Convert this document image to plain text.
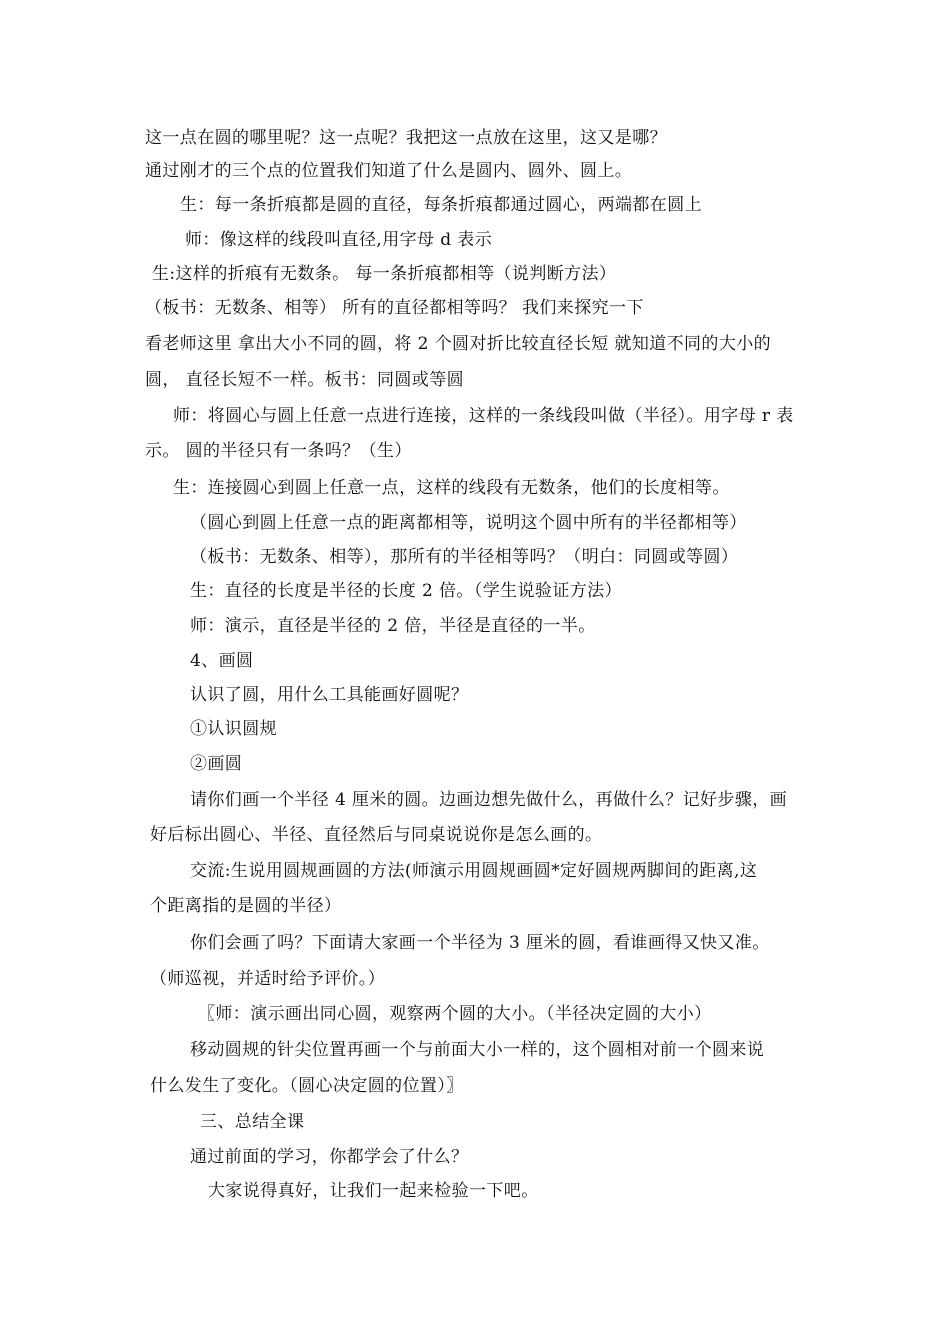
这一点在圆的哪里呢？这一点呢？我把这一点放在这里，这又是哪？
通过刚才的三个点的位置我们知道了什么是圆内、圆外、圆上。
生：每一条折痕都是圆的直径，每条折痕都通过圆心，两端都在圆上
师：像这样的线段叫直径,用字母 d 表示
生:这样的折痕有无数条。 每一条折痕都相等（说判断方法）
（板书：无数条、相等） 所有的直径都相等吗？ 我们来探究一下
看老师这里 拿出大小不同的圆，将 2 个圆对折比较直径长短 就知道不同的大小的
圆， 直径长短不一样。板书：同圆或等圆
师：将圆心与圆上任意一点进行连接，这样的一条线段叫做（半径）。用字母 r 表
示。 圆的半径只有一条吗？（生）
生：连接圆心到圆上任意一点，这样的线段有无数条，他们的长度相等。
（圆心到圆上任意一点的距离都相等，说明这个圆中所有的半径都相等）
（板书：无数条、相等），那所有的半径相等吗？（明白：同圆或等圆）
生：直径的长度是半径的长度 2 倍。（学生说验证方法）
师：演示，直径是半径的 2 倍，半径是直径的一半。
4、画圆
认识了圆，用什么工具能画好圆呢？
①认识圆规
②画圆
请你们画一个半径 4 厘米的圆。边画边想先做什么，再做什么？记好步骤，画
好后标出圆心、半径、直径然后与同桌说说你是怎么画的。
交流:生说用圆规画圆的方法(师演示用圆规画圆*定好圆规两脚间的距离,这
个距离指的是圆的半径）
你们会画了吗？下面请大家画一个半径为 3 厘米的圆，看谁画得又快又准。
（师巡视，并适时给予评价。）
〖师：演示画出同心圆，观察两个圆的大小。（半径决定圆的大小）
移动圆规的针尖位置再画一个与前面大小一样的，这个圆相对前一个圆来说
什么发生了变化。（圆心决定圆的位置）〗
三、总结全课
通过前面的学习，你都学会了什么？
大家说得真好，让我们一起来检验一下吧。
